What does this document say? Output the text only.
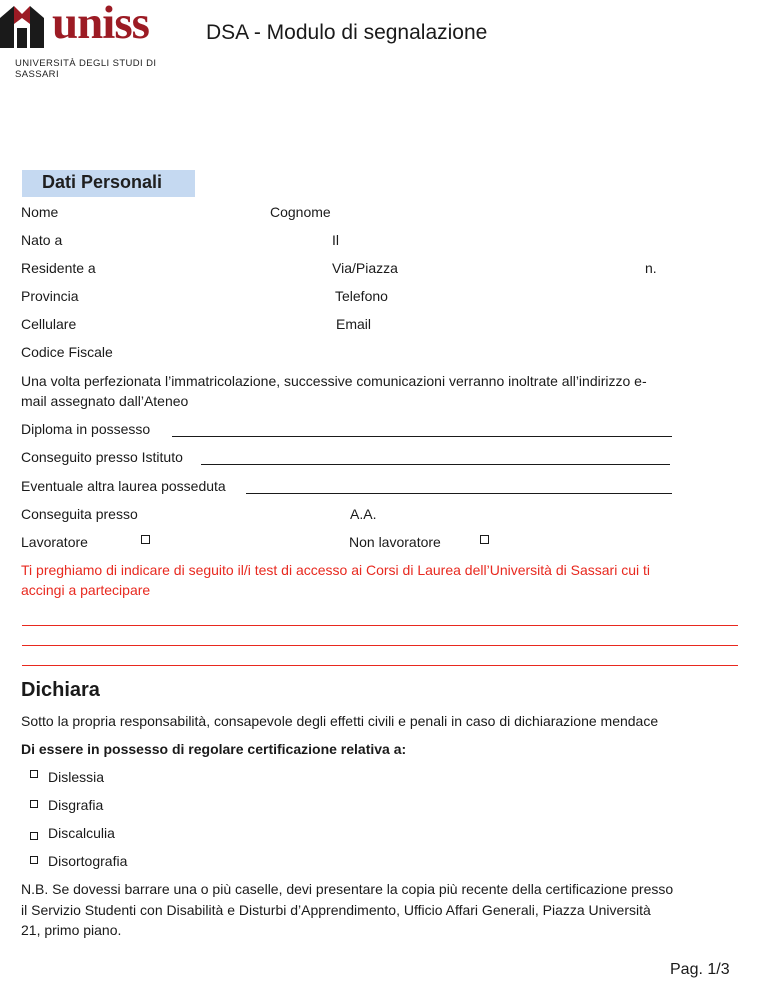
uniss
UNIVERSITÀ DEGLI STUDI DI SASSARI
DSA - Modulo di segnalazione
Dati Personali
Nome	Cognome
Nato a	Il
Residente a	Via/Piazza	n.
Provincia	Telefono
Cellulare	Email
Codice Fiscale
Una volta perfezionata l’immatricolazione, successive comunicazioni verranno inoltrate all’indirizzo e-
mail assegnato dall’Ateneo
Diploma in possesso
Conseguito presso Istituto
Eventuale altra laurea posseduta
Conseguita presso	A.A.
Lavoratore	Non lavoratore
Ti preghiamo di indicare di seguito il/i test di accesso ai Corsi di Laurea dell’Università di Sassari cui ti
accingi a partecipare
Dichiara
Sotto la propria responsabilità, consapevole degli effetti civili e penali in caso di dichiarazione mendace
Di essere in possesso di regolare certificazione relativa a:
Dislessia
Disgrafia
Discalculia
Disortografia
N.B. Se dovessi barrare una o più caselle, devi presentare la copia più recente della certificazione presso
il Servizio Studenti con Disabilità e Disturbi d’Apprendimento, Ufficio Affari Generali, Piazza Università
21, primo piano.
Pag. 1/3
